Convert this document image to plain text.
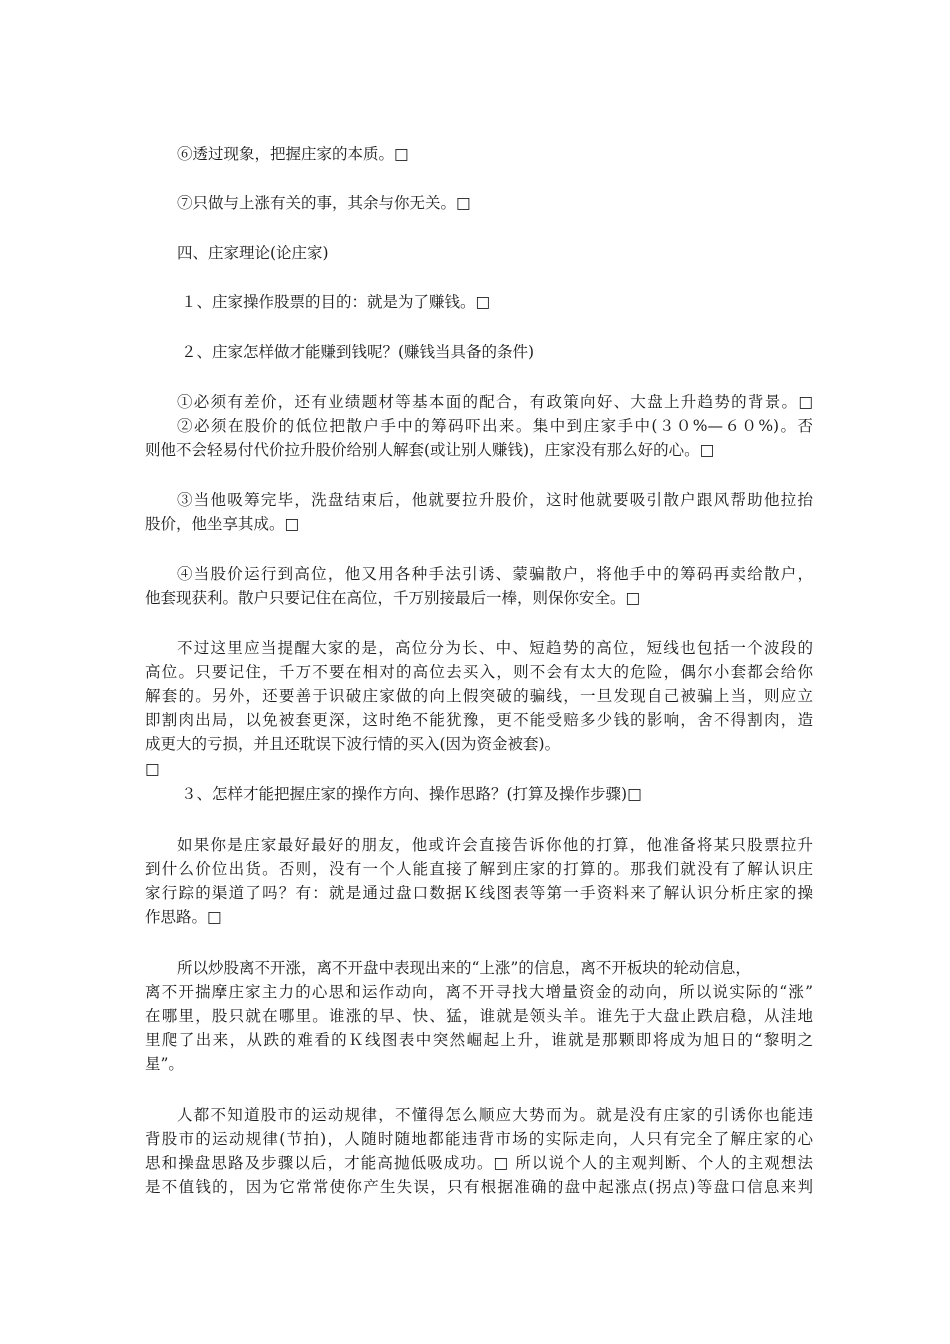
⑥透过现象，把握庄家的本质。□

⑦只做与上涨有关的事，其余与你无关。□

四、庄家理论(论庄家)

１、庄家操作股票的目的：就是为了赚钱。□

２、庄家怎样做才能赚到钱呢？(赚钱当具备的条件)

①必须有差价，还有业绩题材等基本面的配合，有政策向好、大盘上升趋势的背景。□

②必须在股价的低位把散户手中的筹码吓出来。集中到庄家手中(３０%—６０%)。否

则他不会轻易付代价拉升股价给别人解套(或让别人赚钱)，庄家没有那么好的心。□

③当他吸筹完毕，洗盘结束后，他就要拉升股价，这时他就要吸引散户跟风帮助他拉抬

股价，他坐享其成。□

④当股价运行到高位，他又用各种手法引诱、蒙骗散户，将他手中的筹码再卖给散户，

他套现获利。散户只要记住在高位，千万别接最后一棒，则保你安全。□

不过这里应当提醒大家的是，高位分为长、中、短趋势的高位，短线也包括一个波段的

高位。只要记住，千万不要在相对的高位去买入，则不会有太大的危险，偶尔小套都会给你

解套的。另外，还要善于识破庄家做的向上假突破的骗线，一旦发现自己被骗上当，则应立

即割肉出局，以免被套更深，这时绝不能犹豫，更不能受赔多少钱的影响，舍不得割肉，造

成更大的亏损，并且还耽误下波行情的买入(因为资金被套)。

□

３、怎样才能把握庄家的操作方向、操作思路？(打算及操作步骤)□

如果你是庄家最好最好的朋友，他或许会直接告诉你他的打算，他准备将某只股票拉升

到什么价位出货。否则，没有一个人能直接了解到庄家的打算的。那我们就没有了解认识庄

家行踪的渠道了吗？有：就是通过盘口数据Ｋ线图表等第一手资料来了解认识分析庄家的操

作思路。□

所以炒股离不开涨，离不开盘中表现出来的“上涨”的信息，离不开板块的轮动信息，

离不开揣摩庄家主力的心思和运作动向，离不开寻找大增量资金的动向，所以说实际的“涨”

在哪里，股只就在哪里。谁涨的早、快、猛，谁就是领头羊。谁先于大盘止跌启稳，从洼地

里爬了出来，从跌的难看的Ｋ线图表中突然崛起上升，谁就是那颗即将成为旭日的“黎明之

星”。

人都不知道股市的运动规律，不懂得怎么顺应大势而为。就是没有庄家的引诱你也能违

背股市的运动规律(节拍)，人随时随地都能违背市场的实际走向，人只有完全了解庄家的心

思和操盘思路及步骤以后，才能高抛低吸成功。□ 所以说个人的主观判断、个人的主观想法

是不值钱的，因为它常常使你产生失误，只有根据准确的盘中起涨点(拐点)等盘口信息来判
